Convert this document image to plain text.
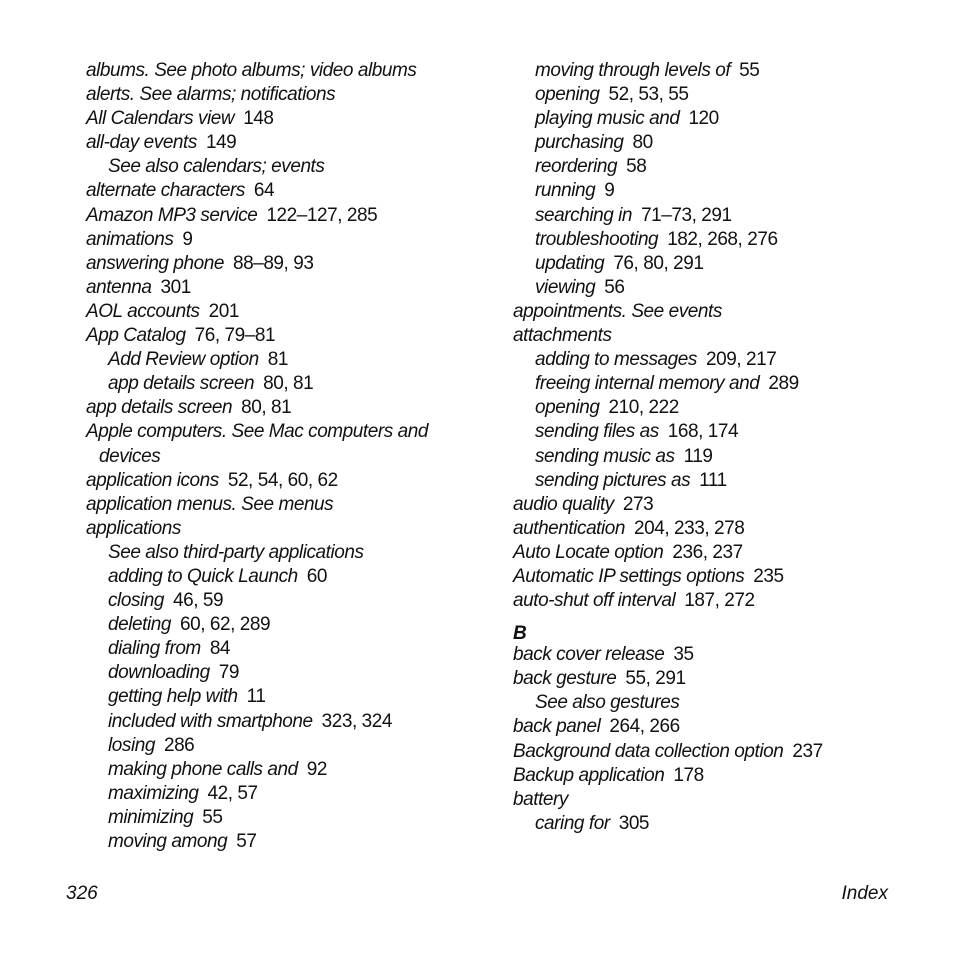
albums. See photo albums; video albums
alerts. See alarms; notifications
All Calendars view 148
all-day events 149
See also calendars; events
alternate characters 64
Amazon MP3 service 122–127, 285
animations 9
answering phone 88–89, 93
antenna 301
AOL accounts 201
App Catalog 76, 79–81
Add Review option 81
app details screen 80, 81
app details screen 80, 81
Apple computers. See Mac computers and
devices
application icons 52, 54, 60, 62
application menus. See menus
applications
See also third-party applications
adding to Quick Launch 60
closing 46, 59
deleting 60, 62, 289
dialing from 84
downloading 79
getting help with 11
included with smartphone 323, 324
losing 286
making phone calls and 92
maximizing 42, 57
minimizing 55
moving among 57
moving through levels of 55
opening 52, 53, 55
playing music and 120
purchasing 80
reordering 58
running 9
searching in 71–73, 291
troubleshooting 182, 268, 276
updating 76, 80, 291
viewing 56
appointments. See events
attachments
adding to messages 209, 217
freeing internal memory and 289
opening 210, 222
sending files as 168, 174
sending music as 119
sending pictures as 111
audio quality 273
authentication 204, 233, 278
Auto Locate option 236, 237
Automatic IP settings options 235
auto-shut off interval 187, 272
B
back cover release 35
back gesture 55, 291
See also gestures
back panel 264, 266
Background data collection option 237
Backup application 178
battery
caring for 305
326	Index
